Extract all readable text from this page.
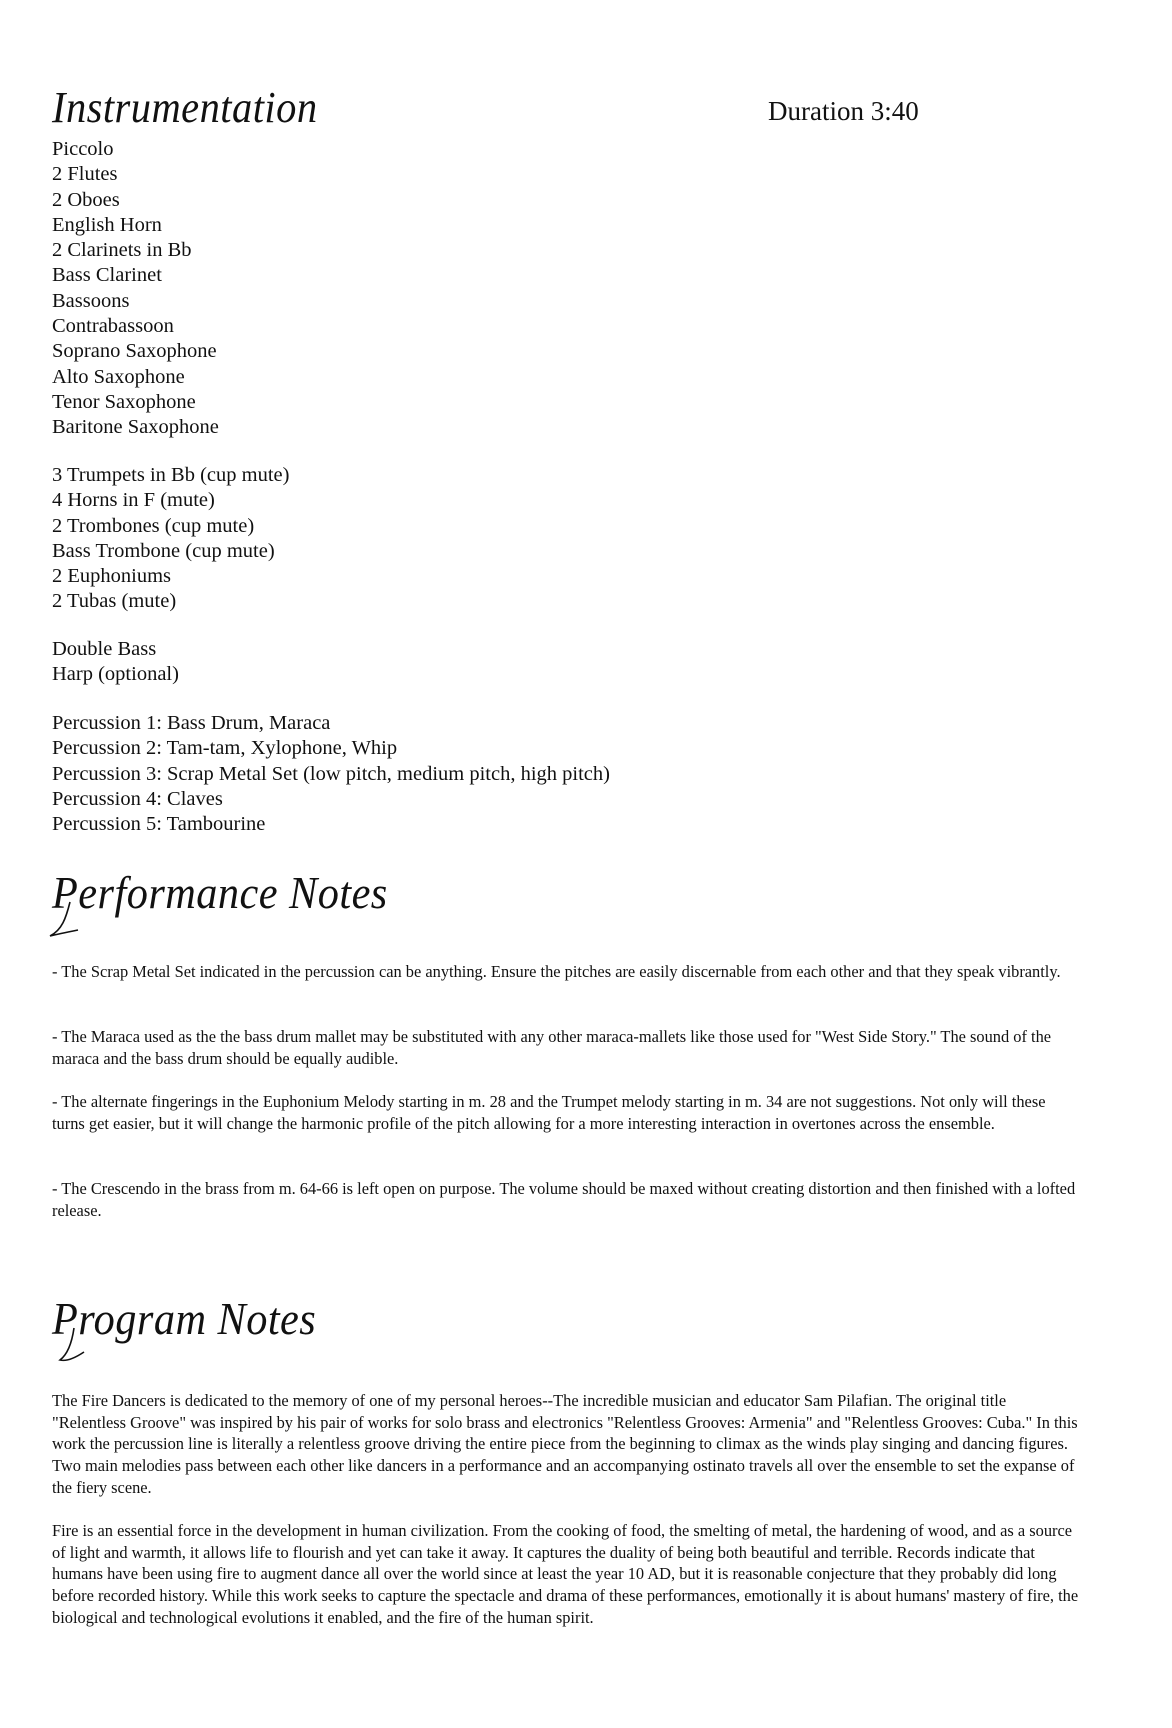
Instrumentation	Duration 3:40
Piccolo
2 Flutes
2 Oboes
English Horn
2 Clarinets in Bb
Bass Clarinet
Bassoons
Contrabassoon
Soprano Saxophone
Alto Saxophone
Tenor Saxophone
Baritone Saxophone
3 Trumpets in Bb (cup mute)
4 Horns in F (mute)
2 Trombones (cup mute)
Bass Trombone (cup mute)
2 Euphoniums
2 Tubas (mute)
Double Bass
Harp (optional)
Percussion 1: Bass Drum, Maraca
Percussion 2: Tam-tam, Xylophone, Whip
Percussion 3: Scrap Metal Set (low pitch, medium pitch, high pitch)
Percussion 4: Claves
Percussion 5: Tambourine
Performance Notes

- The Scrap Metal Set indicated in the percussion can be anything. Ensure the pitches are easily discernable from each other and that they speak vibrantly.

- The Maraca used as the the bass drum mallet may be substituted with any other maraca-mallets like those used for "West Side Story." The sound of the maraca and the bass drum should be equally audible.

- The alternate fingerings in the Euphonium Melody starting in m. 28 and the Trumpet melody starting in m. 34 are not suggestions. Not only will these turns get easier, but it will change the harmonic profile of the pitch allowing for a more interesting interaction in overtones across the ensemble.

- The Crescendo in the brass from m. 64-66 is left open on purpose. The volume should be maxed without creating distortion and then finished with a lofted release.

Program Notes

The Fire Dancers is dedicated to the memory of one of my personal heroes--The incredible musician and educator Sam Pilafian. The original title "Relentless Groove" was inspired by his pair of works for solo brass and electronics "Relentless Grooves: Armenia" and "Relentless Grooves: Cuba." In this work the percussion line is literally a relentless groove driving the entire piece from the beginning to climax as the winds play singing and dancing figures. Two main melodies pass between each other like dancers in a performance and an accompanying ostinato travels all over the ensemble to set the expanse of the fiery scene.

Fire is an essential force in the development in human civilization. From the cooking of food, the smelting of metal, the hardening of wood, and as a source of light and warmth, it allows life to flourish and yet can take it away. It captures the duality of being both beautiful and terrible. Records indicate that humans have been using fire to augment dance all over the world since at least the year 10 AD, but it is reasonable conjecture that they probably did long before recorded history. While this work seeks to capture the spectacle and drama of these performances, emotionally it is about humans' mastery of fire, the biological and technological evolutions it enabled, and the fire of the human spirit.
